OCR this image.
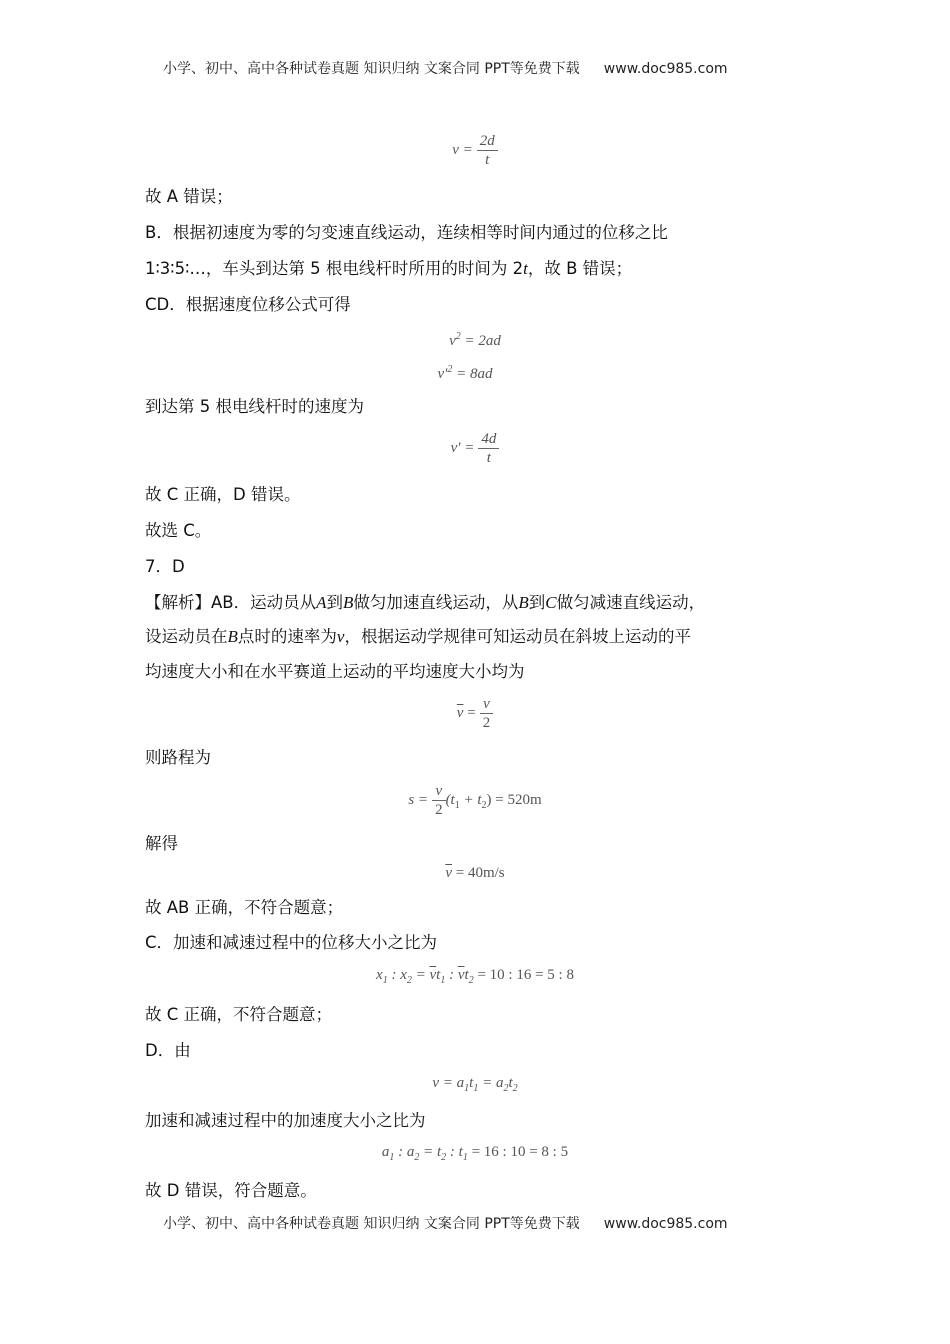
小学、初中、高中各种试卷真题 知识归纳 文案合同 PPT等免费下载 www.doc985.com
$v = \frac{2d}{t}$
故 A 错误；
B．根据初速度为零的匀变速直线运动，连续相等时间内通过的位移之比
1∶3∶5∶…，车头到达第 5 根电线杆时所用的时间为 2t，故 B 错误；
CD．根据速度位移公式可得
$v^2 = 2ad$
$v'^2 = 8ad$
到达第 5 根电线杆时的速度为
$v' = \frac{4d}{t}$
故 C 正确，D 错误。
故选 C。
7．D
【解析】AB．运动员从A到B做匀加速直线运动，从B到C做匀减速直线运动，
设运动员在B点时的速率为v，根据运动学规律可知运动员在斜坡上运动的平
均速度大小和在水平赛道上运动的平均速度大小均为
$\overline{v} = \frac{v}{2}$
则路程为
$s = \frac{v}{2} (t_1 + t_2) = 520m$
解得
$\overline{v} = 40m/s$
故 AB 正确，不符合题意；
C．加速和减速过程中的位移大小之比为
$x_1$ : $x_2 = \overline{v}t_1$ : $\overline{v}t_2 = 10$ : 16 = 5 : 8
故 C 正确，不符合题意；
D．由
$v = a_1t_1 = a_2t_2$
加速和减速过程中的加速度大小之比为
$a_1$ : $a_2 = t_2$ : $t_1 = 16$ : 10 = 8 : 5
故 D 错误，符合题意。
小学、初中、高中各种试卷真题 知识归纳 文案合同 PPT等免费下载 www.doc985.com
